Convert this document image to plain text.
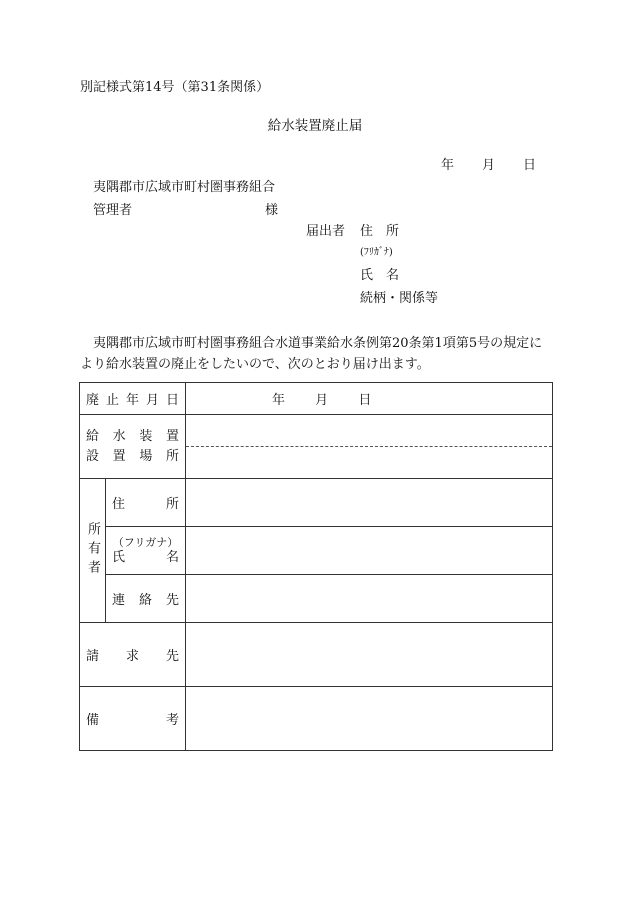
別記様式第14号（第31条関係）
給水装置廃止届
年 月 日
夷隅郡市広域市町村圏事務組合
管理者	様
届出者 住　所
(ﾌﾘｶﾞﾅ)
氏　名
続柄・関係等
夷隅郡市広域市町村圏事務組合水道事業給水条例第20条第1項第5号の規定により給水装置の廃止をしたいので、次のとおり届け出ます。
廃止年月日		年 月 日

給水装置
設置場所		

所有者	住所	

	（フリガナ）
氏名	

	連絡先	

請求先		

備考		
